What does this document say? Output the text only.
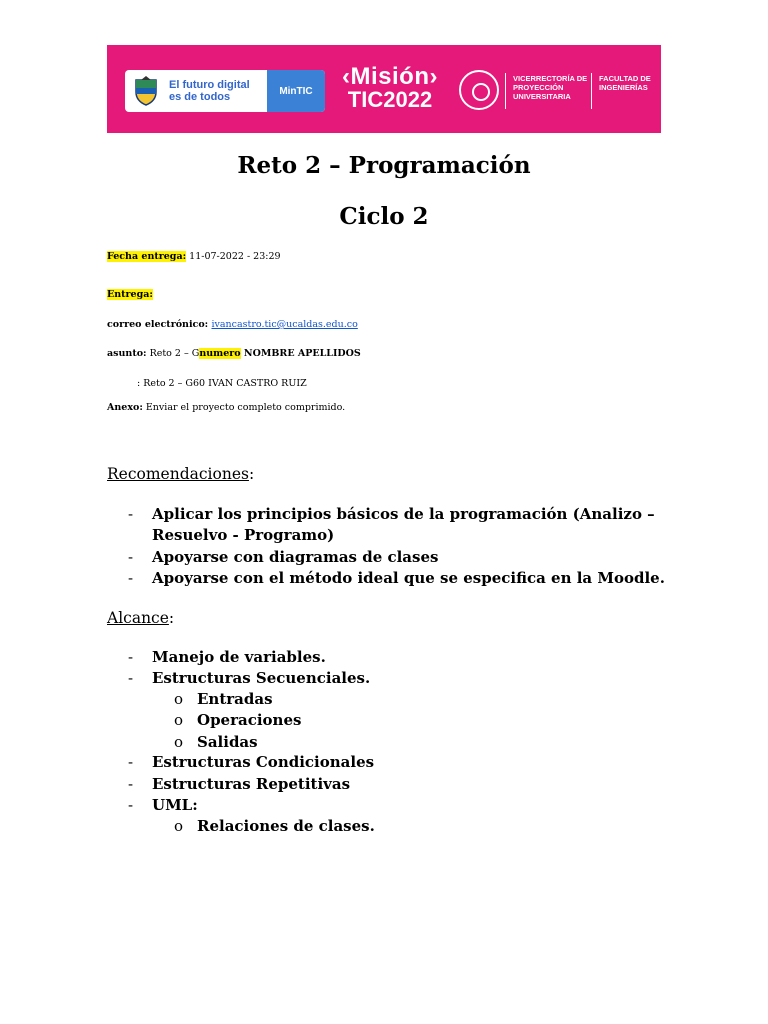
El futuro digital
es de todos	MinTIC
‹Misión›
TIC2022
VICERRECTORÍA DE
PROYECCIÓN
UNIVERSITARIA
FACULTAD DE
INGENIERÍAS
Reto 2 – Programación
Ciclo 2
Fecha entrega: 11-07-2022 - 23:29
Entrega:
correo electrónico: ivancastro.tic@ucaldas.edu.co
asunto: Reto 2 – Gnumero NOMBRE APELLIDOS
: Reto 2 – G60 IVAN CASTRO RUIZ
Anexo: Enviar el proyecto completo comprimido.
Recomendaciones:
Aplicar los principios básicos de la programación (Analizo –
-
Resuelvo - Programo)
Apoyarse con diagramas de clases
-
Apoyarse con el método ideal que se especifica en la Moodle.
-
Alcance:
Manejo de variables.
-
Estructuras Secuenciales.
-
Entradas
o
Operaciones
o
Salidas
o
Estructuras Condicionales
-
Estructuras Repetitivas
-
UML:
-
Relaciones de clases.
o
